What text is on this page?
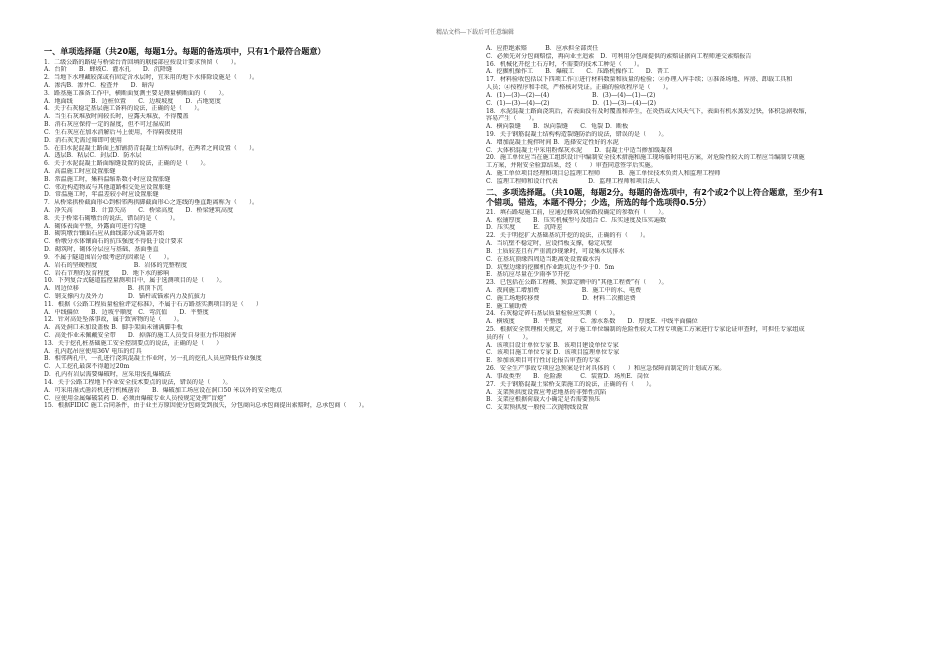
精品文档---下载后可任意编辑
一、单项选择题（共20题，每题1分。每题的备选项中，只有1个最符合题意）
1．二级公路的路堤与桥梁台背回填的联接部应按设计要求预留（　　）。
A．台阶　　B．蜂坡C．灌水孔　　D．沉降缝
2．当地下水埋藏较深或有固定含水层时，宜采用的地下水排除设施是（　　）。
A．渗沟B．渗井C．检查井　　D．暗沟
3．路基施工准备工作中，横断面复测主要是测量横断面的（　　）。
A．地面线　　　B．边桩位置　　C．边坡坡度　　D．占地宽度
4．关于石灰稳定基层施工备料的说法，正确的是（　　）。
A．当生石灰堆放时间较长时，应露天堆放，不得覆盖
B．消石灰应保持一定的湿度，但不可过湿成团
C．生石灰应在加水消解后马上使用，不得隔夜使用
D．消石灰无需过筛即可使用
5．在旧水泥混凝土路面上加铺沥青混凝土结构层时，在两者之间设置（　　）。
A．透层B．粘层C．封层D．防水层
6．关于水泥混凝土路面缩缝设置的说法，正确的是（　　）。
A．高温施工时应设置胀缝
B．常温施工时，集料温缩系数小时应设置胀缝
C．邻近构造物或与其他道路相交处应设置胀缝
D．常温施工时，年温差较小时应设置胀缝
7．从桥梁拱桥截面形心到相邻两拱脚截面形心之连线的垂直距离称为（　　）。
A．净矢高　　　B．计算矢高　　C．桥梁高度　　D．桥梁建筑高度
8．关于桥梁石砌墩台的说法，错误的是（　　）。
A．砌体表面平整，外露面可进行勾缝
B．砌筑墩台镶面石应从曲线部分或角部开始
C．桥墩分水体镶面石的抗压强度不得低于设计要求
D．砌筑时，砌体分层应与基础、基面垂直
9．不属于隧道围岩分级考虑的因素是（　　）。
A．岩石的坚硬程度　　　　　　B．岩体的完整程度
C．岩石节理的发育程度　　D．地下水的影响
10．下列复合式隧道监控量测项目中，属于选测项目的是（　　）。
A．周边位移　　　　　　　　B．拱顶下沉
C．钢支撑内力及外力　　　　D．锚杆或锚索内力及抗拔力
11．根据《公路工程质量检验评定标准》，不属于石方路基实测项目的是（　　）
A．中线偏位　　B．边坡平顺度　C．弯沉值　　D．平整度
12．针对高处坠落事故，属于致害物的是（　　）。
A．高处洞口未加设盖板 B．脚手架面未铺满脚手板
C．高处作业未佩戴安全带　　D．掉落的施工人员受自身重力作用损害
13．关于挖孔桩基础施工安全控制要点的说法，正确的是（　　）
A．孔内起吊应使用36V 电压的灯具
B．相邻两孔中，一孔进行浇筑混凝土作业时，另一孔的挖孔人员应降低作业强度
C．人工挖孔最深不得超过20m
D．孔内有岩层需要爆破时，应采用浅孔爆破法
14．关于公路工程地下作业安全技术要点的说法，错误的是（　　）。
A．可采用湿式凿岩机进行机械凿岩　　B．爆破加工场应设在洞口50 米以外的安全地点
C．应使用金属爆破装药 D．必须由爆破专业人员按规定处理“盲炮”
15．根据FIDIC 施工合同条件，由于业主方原因使分包商受到损失，分包商向总承包商提出索赔时，总承包商（　　）。
A．应拒绝索赔　　　B．应承担全部责任
C．必须先对分包商赔偿，再向业主追索　D．可利用分包商提供的索赔证据向工程师递交索赔报告
16．机械化开挖土石方时，不需要的技术工种是（　　）。
A．挖掘机操作工　　B．爆破工　　C．压路机操作工　　D．普工
17．材料验收包括以下四项工作①进行材料数量和质量的检验；②办理入库手续；③准备场地、库房、卸载工具和
人员；④按程序和手续，严格核对凭证。正确的验收程序是（　　）。
A．(1)—(3)—(2)—(4)　　　　　　　B．(3)—(4)—(1)—(2)
C．(1)—(3)—(4)—(2)　　　　　　　D．(1)—(3)—(4)—(2)
18．水泥混凝土路面浇筑后，若表面没有及时覆盖和养生，在炎热或大风天气下，表面有机水蒸发过快，体积急剧收缩，
容易产生（　　）。
A．横向裂缝　　B．纵向裂缝　　C．龟裂 D．断板
19．关于钢筋混凝土结构构造裂缝防治的说法，错误的是（　　）。
A．增加混凝土搅拌时间 B．选择安定性好的水泥
C．大体积混凝土中采用粉煤灰水泥　　D．混凝土中适当掺加缓凝剂
20．施工单位应当在施工组织设计中编制安全技术措施和施工现场临时用电方案，对危险性较大的工程应当编制专项施
工方案，并附安全验算结果，经（　　）审查同意签字后实施。
A．施工单位项目经理和项目总监理工程师　　　B．施工单位技术负责人和监理工程师
C．监理工程师和设计代表　　　　　D．监理工程师和项目法人
二、多项选择题。（共10题，每题2分。每题的备选项中，有2个或2个以上符合题意，至少有1
个错项。错选，本题不得分；少选，所选的每个选项得0.5分）
21．填石路堤施工前，应通过修筑试验路段确定的参数有（　　）。
A．松铺厚度　　B．压实机械型号及组合 C．压实速度及压实遍数
D．压实度　　　E．沉降差
22．关于明挖扩大基础基坑开挖的说法，正确的有（　　）。
A．当坑壁不稳定时，应设挡板支撑，稳定坑壁
B．土质较差且有严重流沙现象时，可设集水坑排水
C．在基坑顶缘四周适当距离处设置截水沟
D．坑壁边缘的挖掘机作业距坑边不少于0．5m
E．基坑应尽量在少雨季节开挖
23．已包括在公路工程概、预算定额中的“其他工程费”有（　　）。
A．夜间施工增加费　　　　　　　B．施工中的水、电费
C．施工场地转移费　　　　　　　D．材料二次搬运费
E．施工辅助费
24．石灰稳定碎石基层质量检验应实测（　　）。
A．横坡度　　　B．平整度　　　C．渗水系数　　D．厚度E．中线平面偏位
25．根据安全管理相关规定，对于施工单位编制的危险性较大工程专项施工方案进行专家论证审查时，可担任专家组成
员的有（　　）。
A．该项目设计单位专家 B．该项目建设单位专家
C．该项目施工单位专家 D．该项目监理单位专家
E．参加该项目可行性讨论报告审查的专家
26．安全生产事故专项应急预案是针对具体的（　　）和应急保障而制定的计划或方案。
A．事故类型　　B．危险源　　　C．装置D．场所E．岗位
27．关于钢筋混凝土梁桥支架施工的说法，正确的有（　　）。
A．支架预拱度设置应考虑地基的非弹性沉陷
B．支架应根据荷载大小确定是否需要预压
C．支架预拱度一般按二次抛物线设置
